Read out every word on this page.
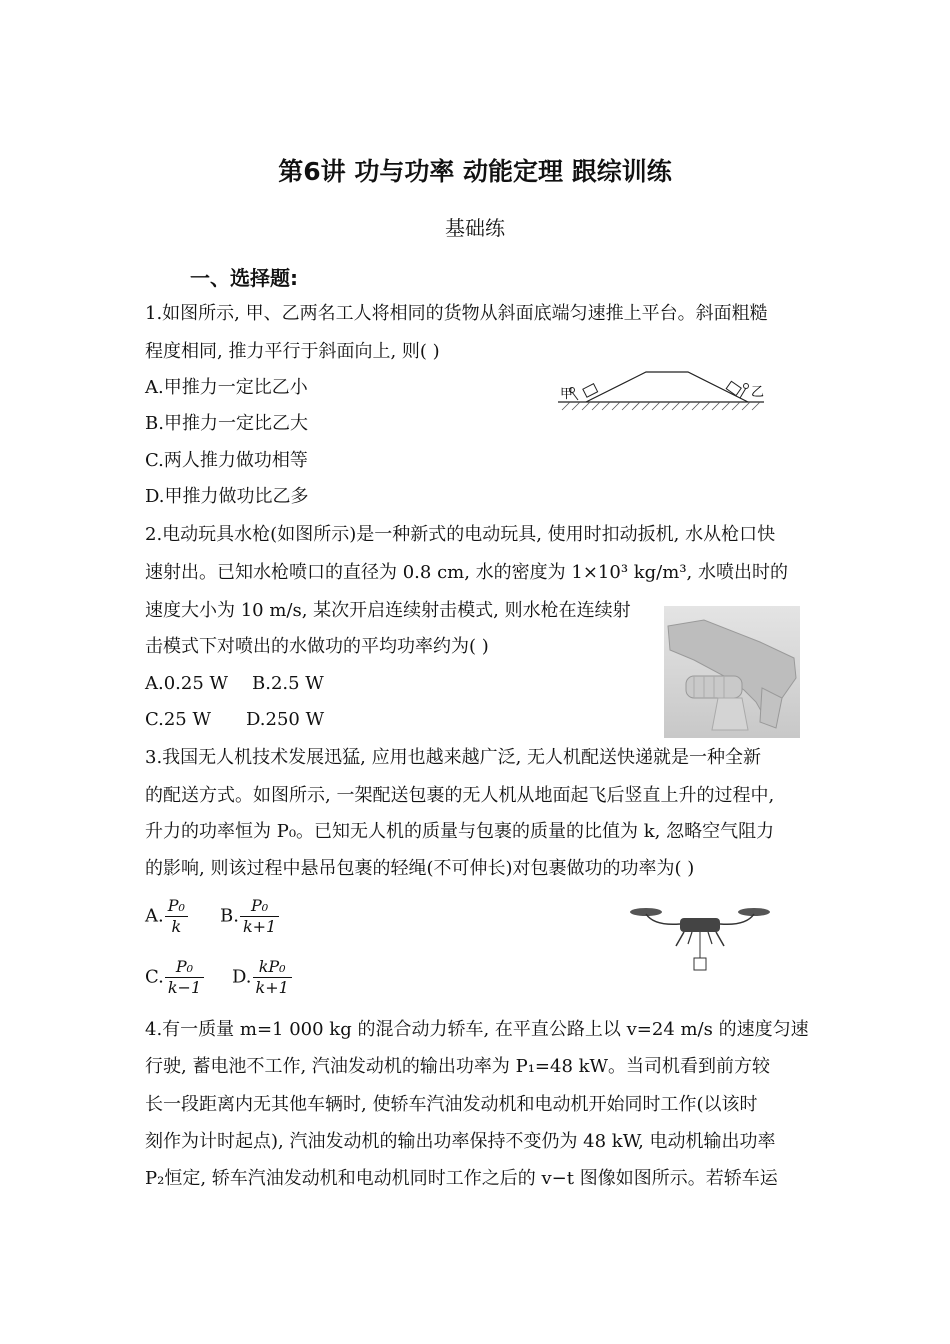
第6讲 功与功率 动能定理 跟综训练
基础练
一、选择题:
1.如图所示, 甲、乙两名工人将相同的货物从斜面底端匀速推上平台。斜面粗糙
程度相同, 推力平行于斜面向上, 则( )
A.甲推力一定比乙小
B.甲推力一定比乙大
C.两人推力做功相等
D.甲推力做功比乙多
甲	乙
2.电动玩具水枪(如图所示)是一种新式的电动玩具, 使用时扣动扳机, 水从枪口快
速射出。已知水枪喷口的直径为 0.8 cm, 水的密度为 1×10³ kg/m³, 水喷出时的
速度大小为 10 m/s, 某次开启连续射击模式, 则水枪在连续射
击模式下对喷出的水做功的平均功率约为( )
A.0.25 W B.2.5 W
C.25 W D.250 W
3.我国无人机技术发展迅猛, 应用也越来越广泛, 无人机配送快递就是一种全新
的配送方式。如图所示, 一架配送包裹的无人机从地面起飞后竖直上升的过程中,
升力的功率恒为 P₀。已知无人机的质量与包裹的质量的比值为 k, 忽略空气阻力
的影响, 则该过程中悬吊包裹的轻绳(不可伸长)对包裹做功的功率为( )
A. $\frac{\text{P₀}}{k} B$. $\frac{\text{P₀}}{k+1}$
C. $\frac{\text{P₀}}{k-1} D$. $\frac{\text{kP₀}}{k+1}$
4.有一质量 m=1 000 kg 的混合动力轿车, 在平直公路上以 v=24 m/s 的速度匀速
行驶, 蓄电池不工作, 汽油发动机的输出功率为 P₁=48 kW。当司机看到前方较
长一段距离内无其他车辆时, 使轿车汽油发动机和电动机开始同时工作(以该时
刻作为计时起点), 汽油发动机的输出功率保持不变仍为 48 kW, 电动机输出功率
P₂恒定, 轿车汽油发动机和电动机同时工作之后的 v−t 图像如图所示。若轿车运
